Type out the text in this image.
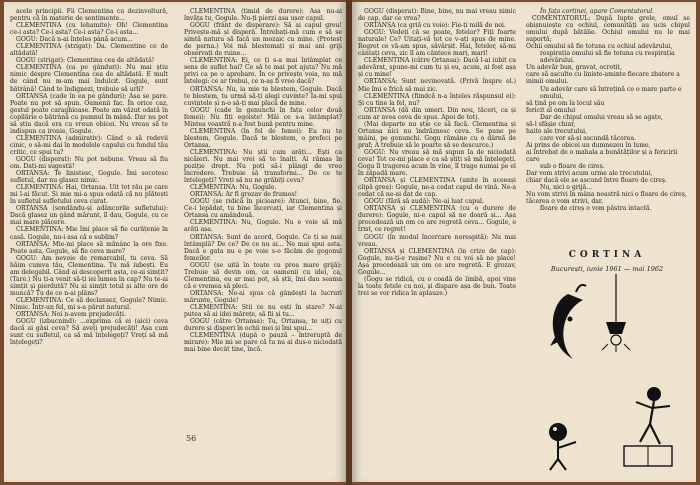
acele principii. Fii Clementina cu dezinvoltură, pentru că în materie de sentimente...

CLEMENTINA (cu lehamite): Oh! Clementina ce-i asta? Ce-i asta? Ce-i asta? Ce-i asta...

GOGU: Dacă n-ai înțeles până acum...

CLEMENTINA (strigat): Da. Clementine ce de altădată!

GOGU (strigat): Clementina cea de altădată!

CLEMENTINA (ca pe gânduri): Nu mai știu nimic despre Clementina cea de altădată. E mult de când nu m-am mai îndulcit. Gogule, sunt bătrână! Când te îndignezi, trebuie să urli?

ORTANSA (cade în ea pe gânduri): Asa se pare. Poate nu pot să spun. Oamenii fac. În orice caz, gestul poate caraghioase. Poate am văzut odată în copilărie o bătrână cu pumnul în mână. Dar nu pot să știu dacă era cu vreun obicei. Nu vreau să te indispun ca ironie, Gogule.

CLEMENTINA (admirativ): Când o să redevii cinic, o să-mi dai în modelele capului cu fondul tău critic, ce spui tu?

GOGU (disperat): Nu pot nebune. Vreau să fiu om. Dați-mi sugestii!

ORTANSA: Te linistesc, Gogule. Îmi socotesc sufletul, dar nu glasez nimic.

CLEMENTINA: Hai, Ortansa. Uit tot rău pe care mi l-ai făcut. Și mie mi-a spus odată că nu plătești în sufletul sufletului ceva curat.

ORTANSA (sondându-și adâncurile sufletului): Dacă glasez un gând mărunt, îl dau, Gogule, cu ce mai mare plăcere.

CLEMENTINA: Mie îmi place să fie curățenie în casă. Gogule, nu-i asa că e sublim?

ORTANSA: Mie-mi place să mănânc la ore fixe. Poate asta, Gogule, să fie ceva mare?

GOGU: Am nevoie de remarcabil, tu ceva. Să hăim cumva tău, Clementina. Tu mă iubești. Eu am delegabil. Când ai descoperit asta, ce-ai simțit? (Tare.) Nu ți-a venit să-ți iei lumea în cap? Nu te-ai simțit și pierdută? Nu ai simțit totul și alte ore de muncă? Tu de ce n-ai plâns?

CLEMENTINA: Ce să declanșez, Gogule? Nimic. Nimic. Într-un fel, mi s-a părut natural.

ORTANSA: Noi n-avem prejudecăți.

GOGU (izbucnind): ...exprima că ei (aici) ceva dacă ai găsi ceva? Să aveți prejudecăți! Așa cum sunt cu sufletul, ca să mă înțelegeți? Vreți să mă înțelegeți?

CLEMENTINA (timid de durere): Asa nu-ai învăța tu, Gogule. Nu-ți pierzi asa ușor capul.

GOGU (frânt de disperare): Să ai capul greu! Privește-mă și disperă. Întrebați-mă cum e să se simtă natura să facă un mozaic cu mine. (Protest de perna.) Voi mă blestemați și mai ani griji observați de ruine...

CLEMENTINA: Ei, ce ți s-a mai întâmplat ce sens de suflet hai? Ce să te mai pot ajuta? Nu mă privi ca pe o aprobare. În ce privește voia, nu mă întelegi: ce ar trebui, ce n-aș fi vreo dacă?

ORTANSA: Nu, ia mie te blestem, Gogule. Dacă te blestem, tu urmă să-ți alegi cuvinte? Ia-mi spui cuvintele și n-o să-ți mai placă de mine.

GOGU (cade în genunchi în fața celor două femei): Nu fiți egoiste! Măi ce s-a întâmplat? Mintea voastră n-a fost bună pentru mine.

CLEMENTINA (în fel de femei): Eu nu te blestem, Gogule. Dacă te blestem, o prefeci pe Ortansa.

CLEMENTINA: Nu știi cum arăți... Ești ca nicăieri. Nu mai vrei să te înalți. Ai rămas în poziție drept. Nu poți să-i plângi de vreo încredere. Trebuie să transformi... De ce te întelegeți? Vreți să nu ne grăbiți ceva?

CLEMENTINA: Nu, Gogule.

ORTANSA: Ar fi grozav de frumos!

GOGU (se ridică în picioare): Atunci, bine, fie. Ce-i lepădat, tu bine încercați, iar Clementina și Ortansa cu amândouă.

CLEMENTINA: Nu, Gogule. Nu e voie să mă arăți așa.

ORTANSA: Sunt de acord, Gogule. Ce ți se mai întâmplă? De ce? De ce nu ai... Ne mai spui asta. Dacă e gata nu e pe voie s-o făcăm de gogonul femeilor.

GOGU (se uită în toate cu prea mare grijă): Trebuie să devin om, ca oamenii cu idei, ca, Clementina, eu ar mai pot, să știi, îmi dau seama că e vremea să pleci.

ORTANSA: Ne-ai spus că gândești la lucruri mărunte, Gogule!

CLEMENTINA: Știi ce nu ești în stare? N-ai putea să ai idei mărețe, să fii și tu...

GOGU (către Ortansa): Tu, Ortansa, te uiți cu durere și disperi în ochii mei și îmi spui...

CLEMENTINA (după o pauză – întreruptă de mirare): Mie mi se pare că tu nu ai dus-o niciodată mai bine decât tine, încă.

56

GOGU (disperat): Bine, bine, nu mai vreau nimic de cap, dar ce vrea?

ORTANSA (ca griă cu voie): Fie-ți milă de noi.

GOGU: Vedeți că se poate, fetelor? Fiți foarte naturale! Ce? Uitați-vă tot ce v-ați spus de mine. Regret ce vă-am spus, săvârșit. Hai, fetelor, să-mi cântați ceva, zic îl am cântece mari, mari!

CLEMENTINA (către Ortansa): Dacă l-ai iubit cu adevărat, spune-mi cum tu și eu, acum, ai fost așa și cu mine!

ORTANSA: Sunt nevinovată. (Privă înspre el.) Mie îmi e frică să mai zic.

CLEMENTINA (fiindcă n-a înțeles răspunsul ei): Și cu tine la fel, nu?

ORTANSA (dă din umeri. Din nou, tăceri, ca și cum ar avea ceva de spus. Apoi de tot).

(Mai departe nu știe ce să facă. Clementina și Ortansa nici nu îndrăznesc ceva. Se pune pe mâini, pe genunchi. Gogu rămâne cu o dârnă de praf; A trebuie să le poarte să se descurce.)

GOGU: Nu vreau să mă supun la de niciodată ceva! Tot ce-mi place e ca să știți să mă înțelegeți. Gogu îl tragerea acum în vine, îl trage numai pe el în zăpadă mare.

ORTANSA și CLEMENTINA (unite în aceeași clipă grea): Gogule, ne-a cedat capul de vină. Ne-a cedat că ne-ai dat de cap.

GOGU (fără să audă): Ne-ai luat capul.

ORTANSA și CLEMENTINA (cu o durere de durere): Gogule, ni-e capul să ne doară și... Așa procedează un om ce are regretă ceva... Gogule, e trist, ce regret!

GOGU (în modul încercare nerespită): Nu mai vreau.

ORTANSA și CLEMENTINA (în crize de cap): Gogule, nu-ți-e rușine? Nu e cu voi să ne place! Așa procedează un om ce are regretă. E grozav, Gogule...

(Gogu se ridică, cu o coadă de limbă, apoi vine la toate fetele cu noi, și dispare așa de bun. Toate trei se vor ridica în aplauze.)

În fața cortinei, apare Comentatorul.

COMENTATORUL: După lupte grele, omul se obișnuiește cu ochiul, comunități au ucis chipul omului după bătălie. Ochiul omului nu le mai suportă;

Ochii omului să fie totuna cu ochiul adevărului,

respirația omului să fie totuna cu respirația adevărului.

Un adevăr bun, gravat, ocrotit,

care să asculte cu liniste-aminte fiecare zbatere a inimii omului.

Un adevăr care să întrețină ce o mare parte e omului,

să țină pe om la locul său

fericit al omului

Dar de chipul omului vreau să se agațe,

să-l sfâșie chiar,

haite ale trecutului,

care vor să-și ascundă tăcerea.

Ai prins de obicei un dumnezeu în lume,

ai întrebat de o mahala a bunătăților și a fericirii care

sub o floare de cireș.

Dar vom strivi acum urme ale trecutului,

chiar dacă ele se ascund între floare de cireș.

Nu, nici o grijă...

Nu vom strivi în mâna noastră nici o floare de cireș,

tăcerea o vom strivi, dar.

floare de cireș o vom păstra intactă.

CORTINA
București, iunie 1961 — mai 1962
